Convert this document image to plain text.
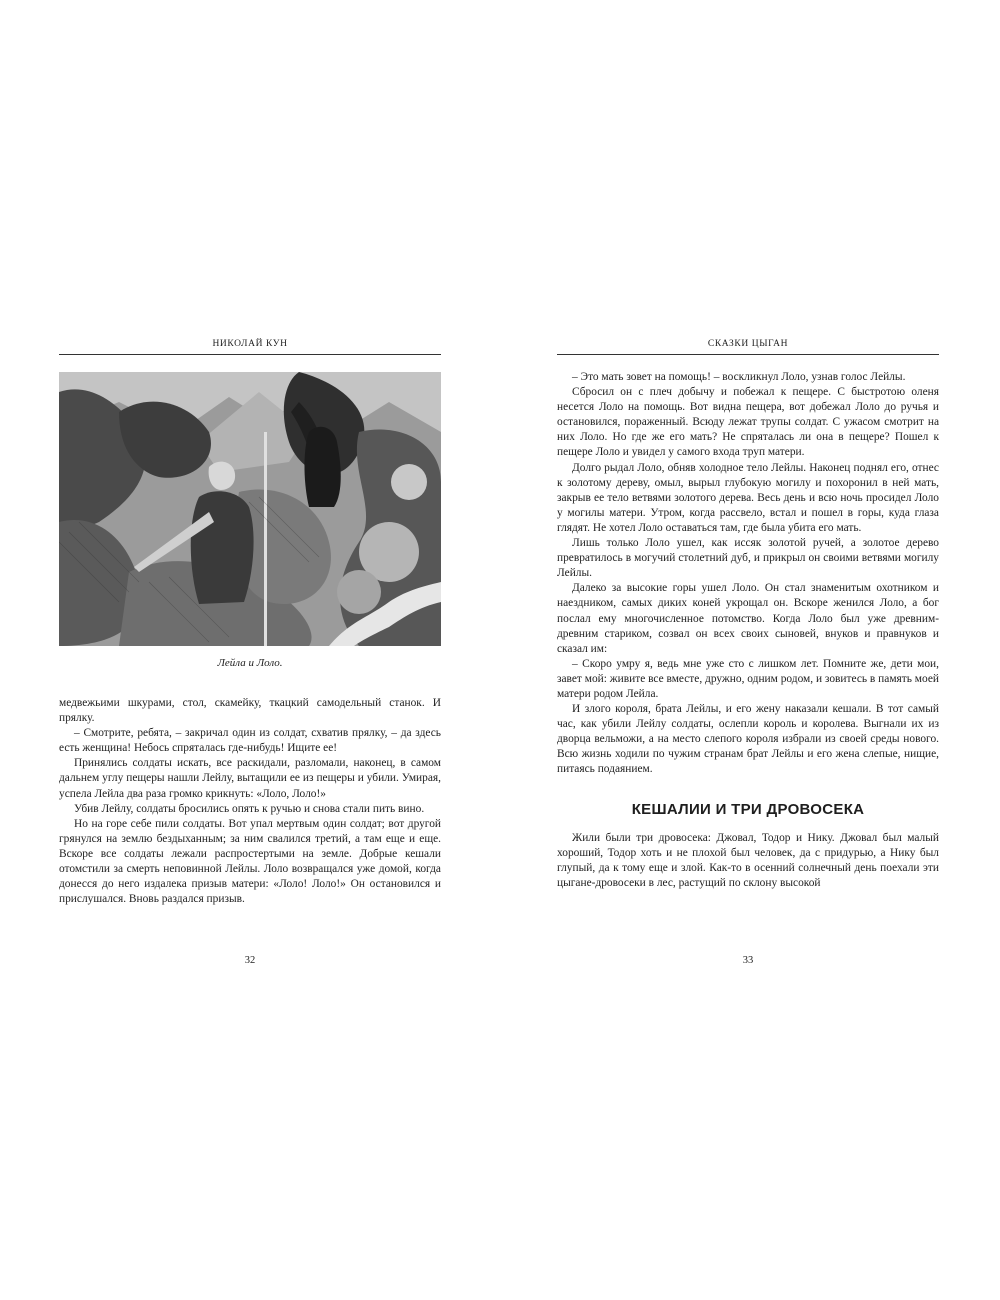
НИКОЛАЙ КУН
Лейла и Лоло.

медвежьими шкурами, стол, скамейку, ткацкий самодельный станок. И прялку.

– Смотрите, ребята, – закричал один из солдат, схватив прялку, – да здесь есть женщина! Небось спряталась где-нибудь! Ищите ее!

Принялись солдаты искать, все раскидали, разломали, наконец, в самом дальнем углу пещеры нашли Лейлу, вытащили ее из пещеры и убили. Умирая, успела Лейла два раза громко крикнуть: «Лоло, Лоло!»

Убив Лейлу, солдаты бросились опять к ручью и снова стали пить вино.

Но на горе себе пили солдаты. Вот упал мертвым один солдат; вот другой грянулся на землю бездыханным; за ним свалился третий, а там еще и еще. Вскоре все солдаты лежали распростертыми на земле. Добрые кешали отомстили за смерть неповинной Лейлы. Лоло возвращался уже домой, когда донесся до него издалека призыв матери: «Лоло! Лоло!» Он остановился и прислушался. Вновь раздался призыв.

32
СКАЗКИ ЦЫГАН

– Это мать зовет на помощь! – воскликнул Лоло, узнав голос Лейлы.

Сбросил он с плеч добычу и побежал к пещере. С быстротою оленя несется Лоло на помощь. Вот видна пещера, вот добежал Лоло до ручья и остановился, пораженный. Всюду лежат трупы солдат. С ужасом смотрит на них Лоло. Но где же его мать? Не спряталась ли она в пещере? Пошел к пещере Лоло и увидел у самого входа труп матери.

Долго рыдал Лоло, обняв холодное тело Лейлы. Наконец поднял его, отнес к золотому дереву, омыл, вырыл глубокую могилу и похоронил в ней мать, закрыв ее тело ветвями золотого дерева. Весь день и всю ночь просидел Лоло у могилы матери. Утром, когда рассвело, встал и пошел в горы, куда глаза глядят. Не хотел Лоло оставаться там, где была убита его мать.

Лишь только Лоло ушел, как иссяк золотой ручей, а золотое дерево превратилось в могучий столетний дуб, и прикрыл он своими ветвями могилу Лейлы.

Далеко за высокие горы ушел Лоло. Он стал знаменитым охотником и наездником, самых диких коней укрощал он. Вскоре женился Лоло, а бог послал ему многочисленное потомство. Когда Лоло был уже древним-древним стариком, созвал он всех своих сыновей, внуков и правнуков и сказал им:

– Скоро умру я, ведь мне уже сто с лишком лет. Помните же, дети мои, завет мой: живите все вместе, дружно, одним родом, и зовитесь в память моей матери родом Лейла.

И злого короля, брата Лейлы, и его жену наказали кешали. В тот самый час, как убили Лейлу солдаты, ослепли король и королева. Выгнали их из дворца вельможи, а на место слепого короля избрали из своей среды нового. Всю жизнь ходили по чужим странам брат Лейлы и его жена слепые, нищие, питаясь подаянием.

КЕШАЛИИ И ТРИ ДРОВОСЕКА

Жили были три дровосека: Джовал, Тодор и Нику. Джовал был малый хороший, Тодор хоть и не плохой был человек, да с придурью, а Нику был глупый, да к тому еще и злой. Как-то в осенний солнечный день поехали эти цыгане-дровосеки в лес, растущий по склону высокой

33
